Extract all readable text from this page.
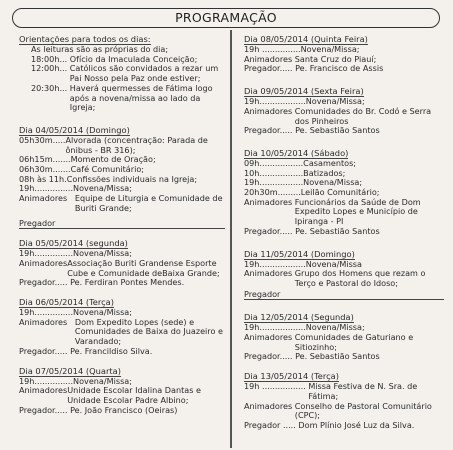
PROGRAMAÇÃO
Orientações para todos os dias:
As leituras
são as próprias do dia;
18:00h...
Ofício da Imaculada Conceição;
12:00h...
Católicos são convidados a rezar um Pai Nosso pela Paz onde estiver;
20:30h...
Haverá quermesses de Fátima logo após a novena/missa ao lado da Igreja;
Dia 04/05/2014 (Domingo)
05h30m..... Alvorada (concentração: Parada de ônibus - BR 316);
06h15m....... Momento de Oração;
06h30m....... Café Comunitário;
08h às 11h. Confissões individuais na Igreja;
19h............... Novena/Missa;
Animadores
Equipe de Liturgia e Comunidade de Buriti Grande;
Pregador
Dia 05/05/2014 (segunda)
19h............... Novena/Missa;
Animadores Associação Buriti Grandense Esporte Cube e Comunidade deBaixa Grande;
Pregador..... Pe. Ferdiran Pontes Mendes.
Dia 06/05/2014 (Terça)
19h............... Novena/Missa;
Animadores
Dom Expedito Lopes (sede) e Comunidades de Baixa do Juazeiro e Varandado;
Pregador..... Pe. Francildiso Silva.
Dia 07/05/2014 (Quarta)
19h............... Novena/Missa;
Animadores Unidade Escolar Idalina Dantas e Unidade Escolar Padre Albino;
Pregador..... Pe. João Francisco (Oeiras)
Dia 08/05/2014 (Quinta Feira)
19h ............... Novena/Missa;
Animadores
Santa Cruz do Piauí;
Pregador..... Pe. Francisco de Assis
Dia 09/05/2014 (Sexta Feira)
19h.................. Novena/Missa;
Animadores
Comunidades do Br. Codó e Serra dos Pinheiros
Pregador..... Pe. Sebastião Santos
Dia 10/05/2014 (Sábado)
09h................. Casamentos;
10h................. Batizados;
19h................. Novena/Missa;
20h30m......... Leilão Comunitário;
Animadores
Funcionários da Saúde de Dom Expedito Lopes e Município de Ipiranga - PI
Pregador..... Pe. Sebastião Santos
Dia 11/05/2014 (Domingo)
19h.................. Novena/Missa
Animadores
Grupo dos Homens que rezam o Terço e Pastoral do Idoso;
Pregador
Dia 12/05/2014 (Segunda)
19h.................. Novena/Missa;
Animadores
Comunidades de Gaturiano e Sitiozinho;
Pregador..... Pe. Sebastião Santos
Dia 13/05/2014 (Terça)
19h .................
Missa Festiva de N. Sra. de Fátima;
Animadores
Conselho de Pastoral Comunitário (CPC);
Pregador ..... Dom Plínio José Luz da Silva.
